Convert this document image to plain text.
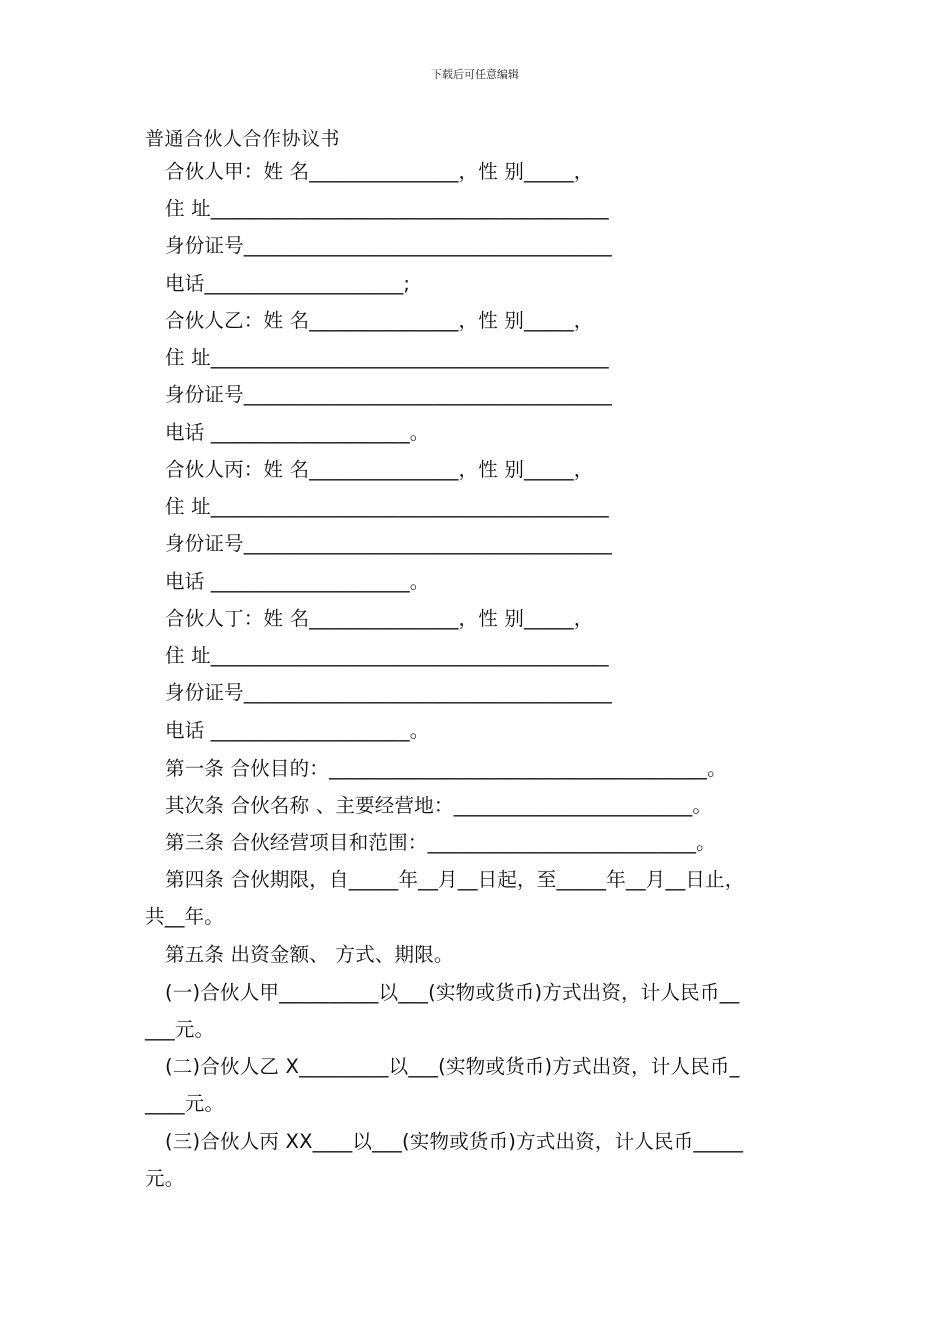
下载后可任意编辑
普通合伙人合作协议书
合伙人甲：姓 名_______________，性 别_____，
住 址________________________________________
身份证号_____________________________________
电话____________________;
合伙人乙：姓 名_______________，性 别_____，
住 址________________________________________
身份证号_____________________________________
电话 ____________________。
合伙人丙：姓 名_______________，性 别_____，
住 址________________________________________
身份证号_____________________________________
电话 ____________________。
合伙人丁：姓 名_______________，性 别_____，
住 址________________________________________
身份证号_____________________________________
电话 ____________________。
第一条 合伙目的：______________________________________。
其次条 合伙名称 、主要经营地：________________________。
第三条 合伙经营项目和范围：___________________________。
第四条 合伙期限，自_____年__月__日起，至_____年__月__日止，
共__年。
第五条 出资金额、 方式、期限。
(一)合伙人甲__________以___(实物或货币)方式出资，计人民币__
___元。
(二)合伙人乙 X_________以___(实物或货币)方式出资，计人民币_
____元。
(三)合伙人丙 XX____以___(实物或货币)方式出资，计人民币_____
元。
